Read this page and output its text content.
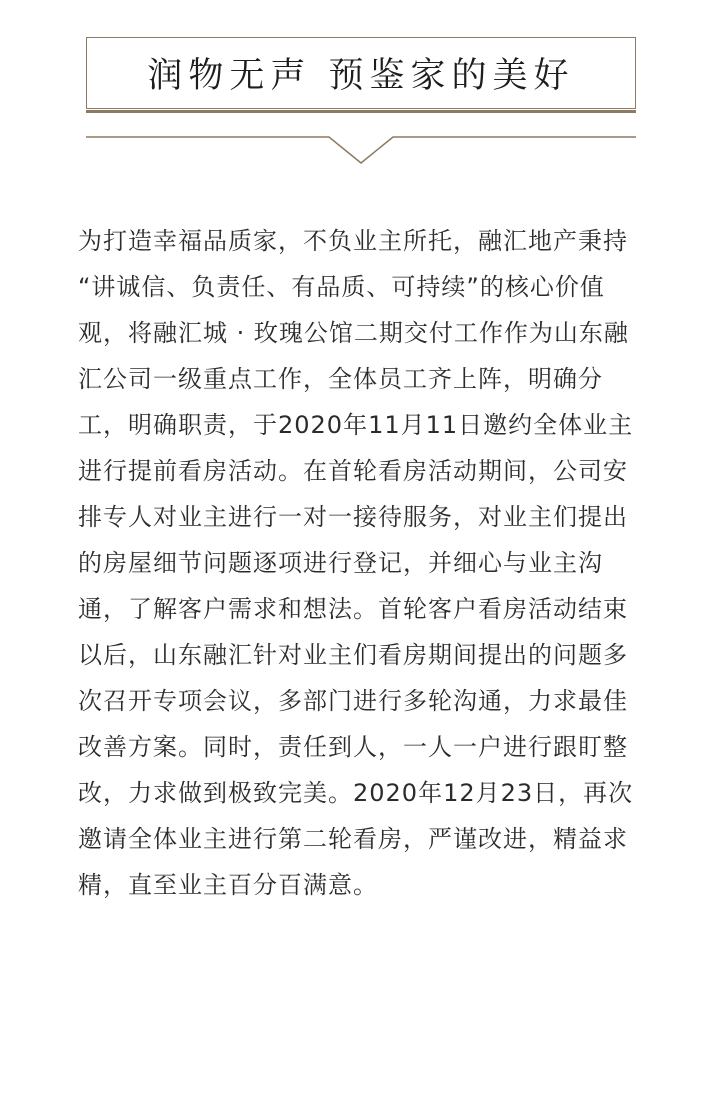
润物无声 预鉴家的美好
为打造幸福品质家，不负业主所托，融汇地产秉持
“讲诚信、负责任、有品质、可持续”的核心价值
观，将融汇城 · 玫瑰公馆二期交付工作作为山东融
汇公司一级重点工作，全体员工齐上阵，明确分
工，明确职责，于2020年11月11日邀约全体业主
进行提前看房活动。在首轮看房活动期间，公司安
排专人对业主进行一对一接待服务，对业主们提出
的房屋细节问题逐项进行登记，并细心与业主沟
通，了解客户需求和想法。首轮客户看房活动结束
以后，山东融汇针对业主们看房期间提出的问题多
次召开专项会议，多部门进行多轮沟通，力求最佳
改善方案。同时，责任到人，一人一户进行跟盯整
改，力求做到极致完美。2020年12月23日，再次
邀请全体业主进行第二轮看房，严谨改进，精益求
精，直至业主百分百满意。
